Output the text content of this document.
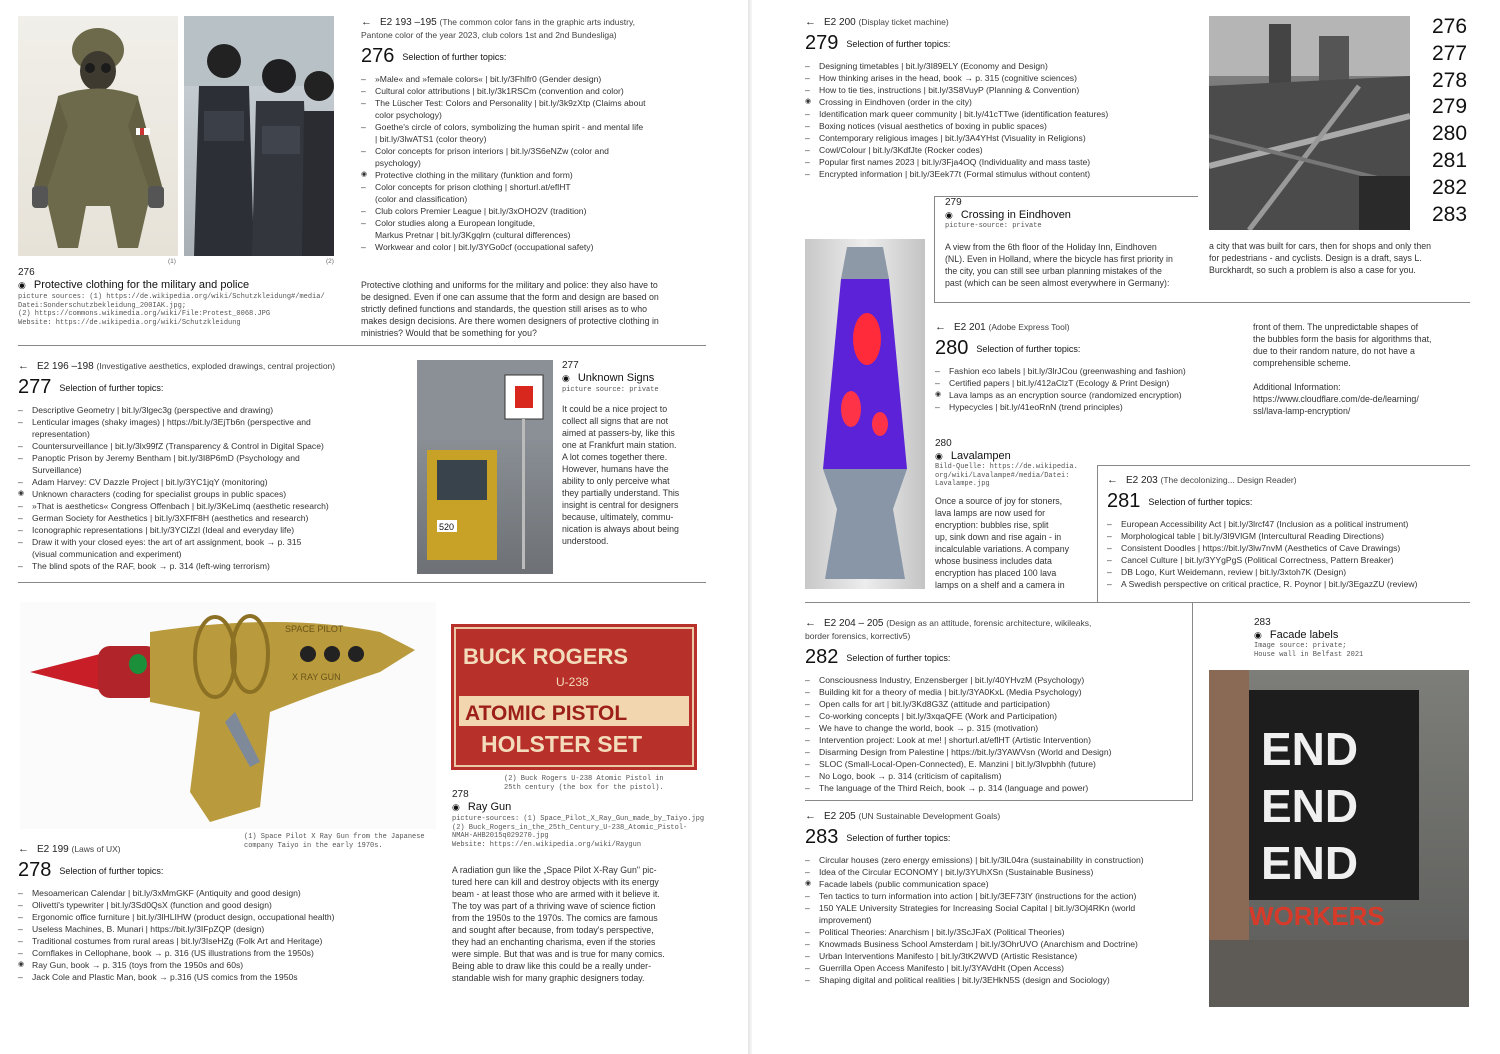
(1)	(2)
276
◉ Protective clothing for the military and police
picture sources: (1) https://de.wikipedia.org/wiki/Schutzkleidung#/media/
Datei:Sonderschutzbekleidung_200IAK.jpg;
(2) https://commons.wikimedia.org/wiki/File:Protest_0068.JPG
Website: https://de.wikipedia.org/wiki/Schutzkleidung
← E2 193 –195 (The common color fans in the graphic arts industry,
Pantone color of the year 2023, club colors 1st and 2nd Bundesliga)
276 Selection of further topics:
– »Male« and »female colors« | bit.ly/3Fhlfr0 (Gender design)
– Cultural color attributions | bit.ly/3k1RSCm (convention and color)
– The Lüscher Test: Colors and Personality | bit.ly/3k9zXtp (Claims about
color psychology)
– Goethe's circle of colors, symbolizing the human spirit - and mental life
| bit.ly/3lwATS1 (color theory)
– Color concepts for prison interiors | bit.ly/3S6eNZw (color and
psychology)
◉ Protective clothing in the military (funktion and form)
– Color concepts for prison clothing | shorturl.at/eflHT
(color and classification)
– Club colors Premier League | bit.ly/3xOHO2V (tradition)
– Color studies along a European longitude,
Markus Pretnar | bit.ly/3Kgqlrn (cultural differences)
– Workwear and color | bit.ly/3YGo0cf (occupational safety)
Protective clothing and uniforms for the military and police: they also have to
be designed. Even if one can assume that the form and design are based on
strictly defined functions and standards, the question still arises as to who
makes design decisions. Are there women designers of protective clothing in
ministries? Would that be something for you?
← E2 196 –198 (Investigative aesthetics, exploded drawings, central projection)
277 Selection of further topics:
– Descriptive Geometry | bit.ly/3lgec3g (perspective and drawing)
– Lenticular images (shaky images) | https://bit.ly/3EjTb6n (perspective and
representation)
– Countersurveillance | bit.ly/3lx99fZ (Transparency & Control in Digital Space)
– Panoptic Prison by Jeremy Bentham | bit.ly/3I8P6mD (Psychology and
Surveillance)
– Adam Harvey: CV Dazzle Project | bit.ly/3YC1jqY (monitoring)
◉ Unknown characters (coding for specialist groups in public spaces)
– »That is aesthetics« Congress Offenbach | bit.ly/3KeLimq (aesthetic research)
– German Society for Aesthetics | bit.ly/3XFfF8H (aesthetics and research)
– Iconographic representations | bit.ly/3YClZzl (Ideal and everyday life)
– Draw it with your closed eyes: the art of art assignment, book → p. 315
(visual communication and experiment)
– The blind spots of the RAF, book → p. 314 (left-wing terrorism)
520
277
◉ Unknown Signs
picture source: private
It could be a nice project to
collect all signs that are not
aimed at passers-by, like this
one at Frankfurt main station.
A lot comes together there.
However, humans have the
ability to only perceive what
they partially understand. This
insight is central for designers
because, ultimately, commu-
nication is always about being
understood.
SPACE PILOT
X RAY GUN
(1) Space Pilot X Ray Gun from the Japanese
company Taiyo in the early 1970s.
BUCK ROGERS
U-238
ATOMIC PISTOL
HOLSTER SET
(2) Buck Rogers U-238 Atomic Pistol in
25th century (the box for the pistol).
278
◉ Ray Gun
picture-sources: (1) Space_Pilot_X_Ray_Gun_made_by_Taiyo.jpg
(2) Buck_Rogers_in_the_25th_Century_U-238_Atomic_Pistol-
NMAH-AHB2015q029270.jpg
Website: https://en.wikipedia.org/wiki/Raygun
A radiation gun like the „Space Pilot X-Ray Gun" pic-
tured here can kill and destroy objects with its energy
beam - at least those who are armed with it believe it.
The toy was part of a thriving wave of science fiction
from the 1950s to the 1970s. The comics are famous
and sought after because, from today's perspective,
they had an enchanting charisma, even if the stories
were simple. But that was and is true for many comics.
Being able to draw like this could be a really under-
standable wish for many graphic designers today.
← E2 199 (Laws of UX)
278 Selection of further topics:
– Mesoamerican Calendar | bit.ly/3xMmGKF (Antiquity and good design)
– Olivetti's typewriter | bit.ly/3Sd0QsX (function and good design)
– Ergonomic office furniture | bit.ly/3lHLIHW (product design, occupational health)
– Useless Machines, B. Munari | https://bit.ly/3IFpZQP (design)
– Traditional costumes from rural areas | bit.ly/3IseHZg (Folk Art and Heritage)
– Cornflakes in Cellophane, book → p. 316 (US illustrations from the 1950s)
◉ Ray Gun, book → p. 315 (toys from the 1950s and 60s)
– Jack Cole and Plastic Man, book → p.316 (US comics from the 1950s
← E2 200 (Display ticket machine)
279 Selection of further topics:
– Designing timetables | bit.ly/3I89ELY (Economy and Design)
– How thinking arises in the head, book → p. 315 (cognitive sciences)
– How to tie ties, instructions | bit.ly/3S8VuyP (Planning & Convention)
◉ Crossing in Eindhoven (order in the city)
– Identification mark queer community | bit.ly/41cTTwe (identification features)
– Boxing notices (visual aesthetics of boxing in public spaces)
– Contemporary religious images | bit.ly/3A4YHst (Visuality in Religions)
– Cowl/Colour | bit.ly/3KdfJte (Rocker codes)
– Popular first names 2023 | bit.ly/3Fja4OQ (Individuality and mass taste)
– Encrypted information | bit.ly/3Eek77t (Formal stimulus without content)
276
277
278
279
280
281
282
283
279
◉ Crossing in Eindhoven
picture-source: private
A view from the 6th floor of the Holiday Inn, Eindhoven
(NL). Even in Holland, where the bicycle has first priority in
the city, you can still see urban planning mistakes of the
past (which can be seen almost everywhere in Germany):
a city that was built for cars, then for shops and only then
for pedestrians - and cyclists. Design is a draft, says L.
Burckhardt, so such a problem is also a case for you.
← E2 201 (Adobe Express Tool)
280 Selection of further topics:
– Fashion eco labels | bit.ly/3lrJCou (greenwashing and fashion)
– Certified papers | bit.ly/412aClzT (Ecology & Print Design)
◉ Lava lamps as an encryption source (randomized encryption)
– Hypecycles | bit.ly/41eoRnN (trend principles)
front of them. The unpredictable shapes of
the bubbles form the basis for algorithms that,
due to their random nature, do not have a
comprehensible scheme.

Additional Information:
https://www.cloudflare.com/de-de/learning/
ssl/lava-lamp-encryption/
280
◉ Lavalampen
Bild-Quelle: https://de.wikipedia.
org/wiki/Lavalampe#/media/Datei:
Lavalampe.jpg
Once a source of joy for stoners,
lava lamps are now used for
encryption: bubbles rise, split
up, sink down and rise again - in
incalculable variations. A company
whose business includes data
encryption has placed 100 lava
lamps on a shelf and a camera in
← E2 203 (The decolonizing... Design Reader)
281 Selection of further topics:
– European Accessibility Act | bit.ly/3lrcf47 (Inclusion as a political instrument)
– Morphological table | bit.ly/3I9VlGM (Intercultural Reading Directions)
– Consistent Doodles | https://bit.ly/3lw7nvM (Aesthetics of Cave Drawings)
– Cancel Culture | bit.ly/3YYgPgS (Political Correctness, Pattern Breaker)
– DB Logo, Kurt Weidemann, review | bit.ly/3xtoh7K (Design)
– A Swedish perspective on critical practice, R. Poynor | bit.ly/3EgazZU (review)
← E2 204 – 205 (Design as an attitude, forensic architecture, wikileaks,
border forensics, korrectiv5)
282 Selection of further topics:
– Consciousness Industry, Enzensberger | bit.ly/40YHvzM (Psychology)
– Building kit for a theory of media | bit.ly/3YA0KxL (Media Psychology)
– Open calls for art | bit.ly/3Kd8G3Z (attitude and participation)
– Co-working concepts | bit.ly/3xqaQFE (Work and Participation)
– We have to change the world, book → p. 315 (motivation)
– Intervention project: Look at me! | shorturl.at/eflHT (Artistic Intervention)
– Disarming Design from Palestine | https://bit.ly/3YAWVsn (World and Design)
– SLOC (Small-Local-Open-Connected), E. Manzini | bit.ly/3lvpbhh (future)
– No Logo, book → p. 314 (criticism of capitalism)
– The language of the Third Reich, book → p. 314 (language and power)
← E2 205 (UN Sustainable Development Goals)
283 Selection of further topics:
– Circular houses (zero energy emissions) | bit.ly/3lL04ra (sustainability in construction)
– Idea of the Circular ECONOMY | bit.ly/3YUhXSn (Sustainable Business)
◉ Facade labels (public communication space)
– Ten tactics to turn information into action | bit.ly/3EF73lY (instructions for the action)
– 150 YALE University Strategies for Increasing Social Capital | bit.ly/3Oj4RKn (world
improvement)
– Political Theories: Anarchism | bit.ly/3ScJFaX (Political Theories)
– Knowmads Business School Amsterdam | bit.ly/3OhrUVO (Anarchism and Doctrine)
– Urban Interventions Manifesto | bit.ly/3tK2WVD (Artistic Resistance)
– Guerrilla Open Access Manifesto | bit.ly/3YAVdHt (Open Access)
– Shaping digital and political realities | bit.ly/3EHkN5S (design and Sociology)
283
◉ Facade labels
Image source: private;
House wall in Belfast 2021
END
END
END
WORKERS
